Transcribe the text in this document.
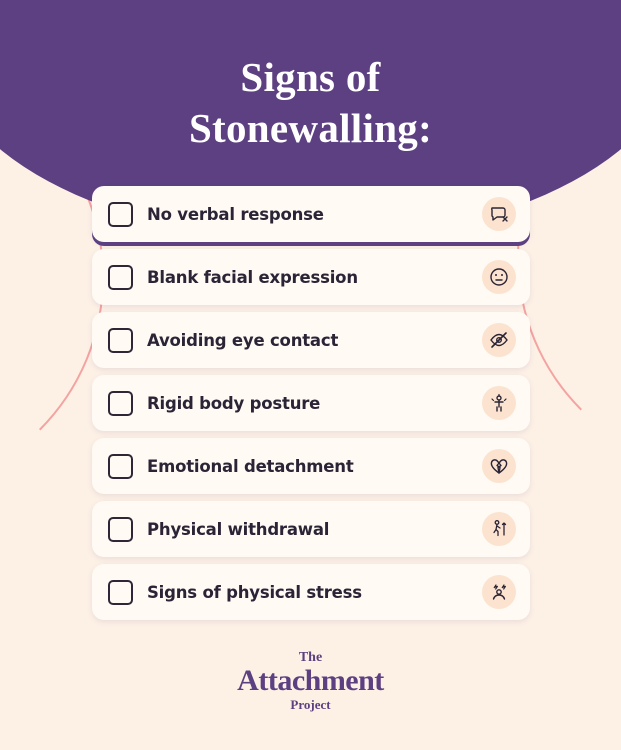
Signs of
Stonewalling:
No verbal response
Blank facial expression
Avoiding eye contact
Rigid body posture
Emotional detachment
Physical withdrawal
Signs of physical stress
The
Attachment
Project
